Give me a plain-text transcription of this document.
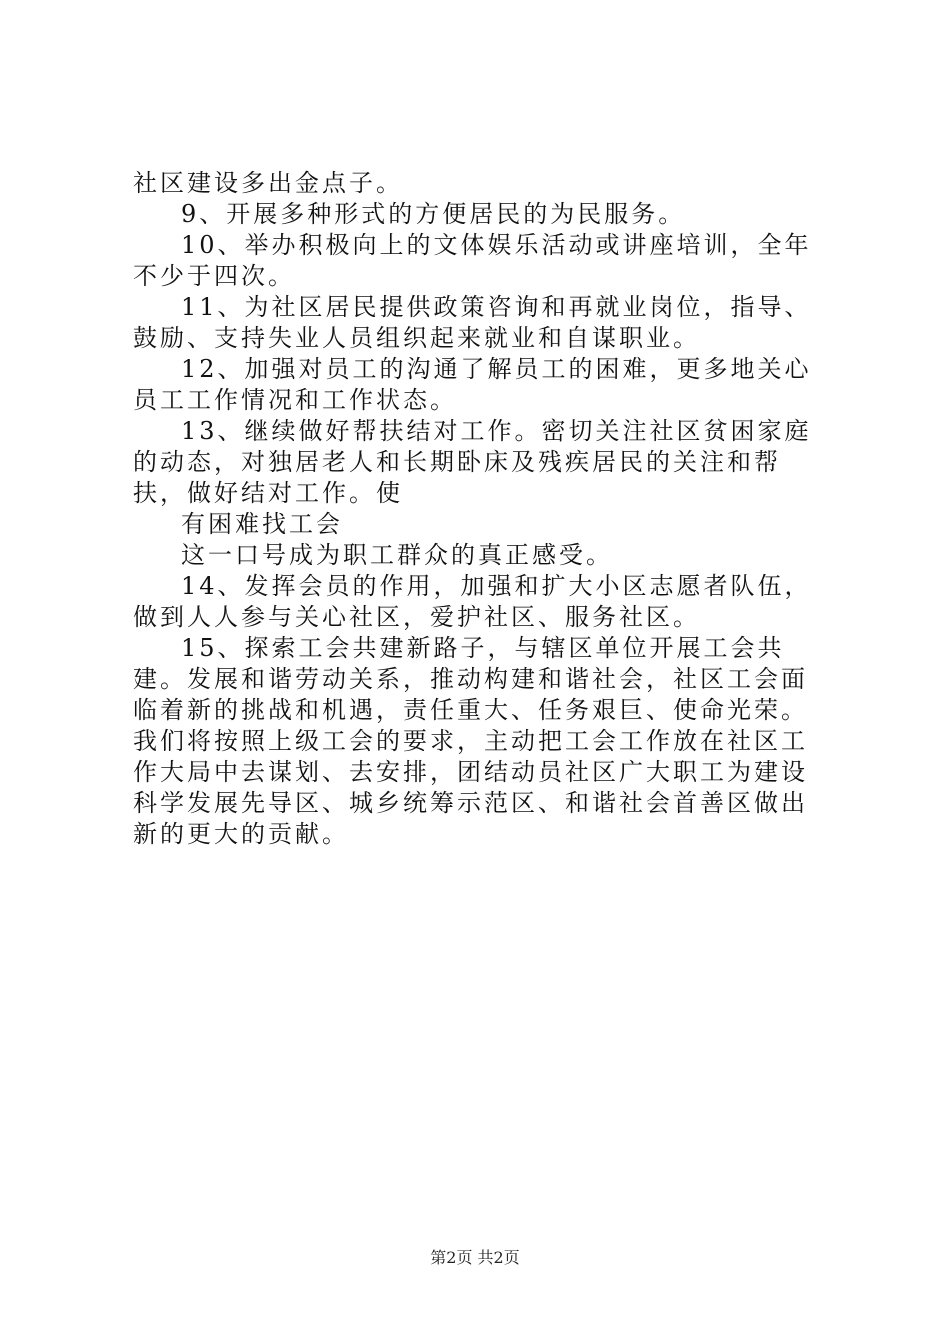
社区建设多出金点子。

9、开展多种形式的方便居民的为民服务。

10、举办积极向上的文体娱乐活动或讲座培训，全年不少于四次。

11、为社区居民提供政策咨询和再就业岗位，指导、鼓励、支持失业人员组织起来就业和自谋职业。

12、加强对员工的沟通了解员工的困难，更多地关心员工工作情况和工作状态。

13、继续做好帮扶结对工作。密切关注社区贫困家庭的动态，对独居老人和长期卧床及残疾居民的关注和帮扶，做好结对工作。使

有困难找工会

这一口号成为职工群众的真正感受。

14、发挥会员的作用，加强和扩大小区志愿者队伍，做到人人参与关心社区，爱护社区、服务社区。

15、探索工会共建新路子，与辖区单位开展工会共建。发展和谐劳动关系，推动构建和谐社会，社区工会面临着新的挑战和机遇，责任重大、任务艰巨、使命光荣。我们将按照上级工会的要求，主动把工会工作放在社区工作大局中去谋划、去安排，团结动员社区广大职工为建设科学发展先导区、城乡统筹示范区、和谐社会首善区做出新的更大的贡献。

第2页 共2页
